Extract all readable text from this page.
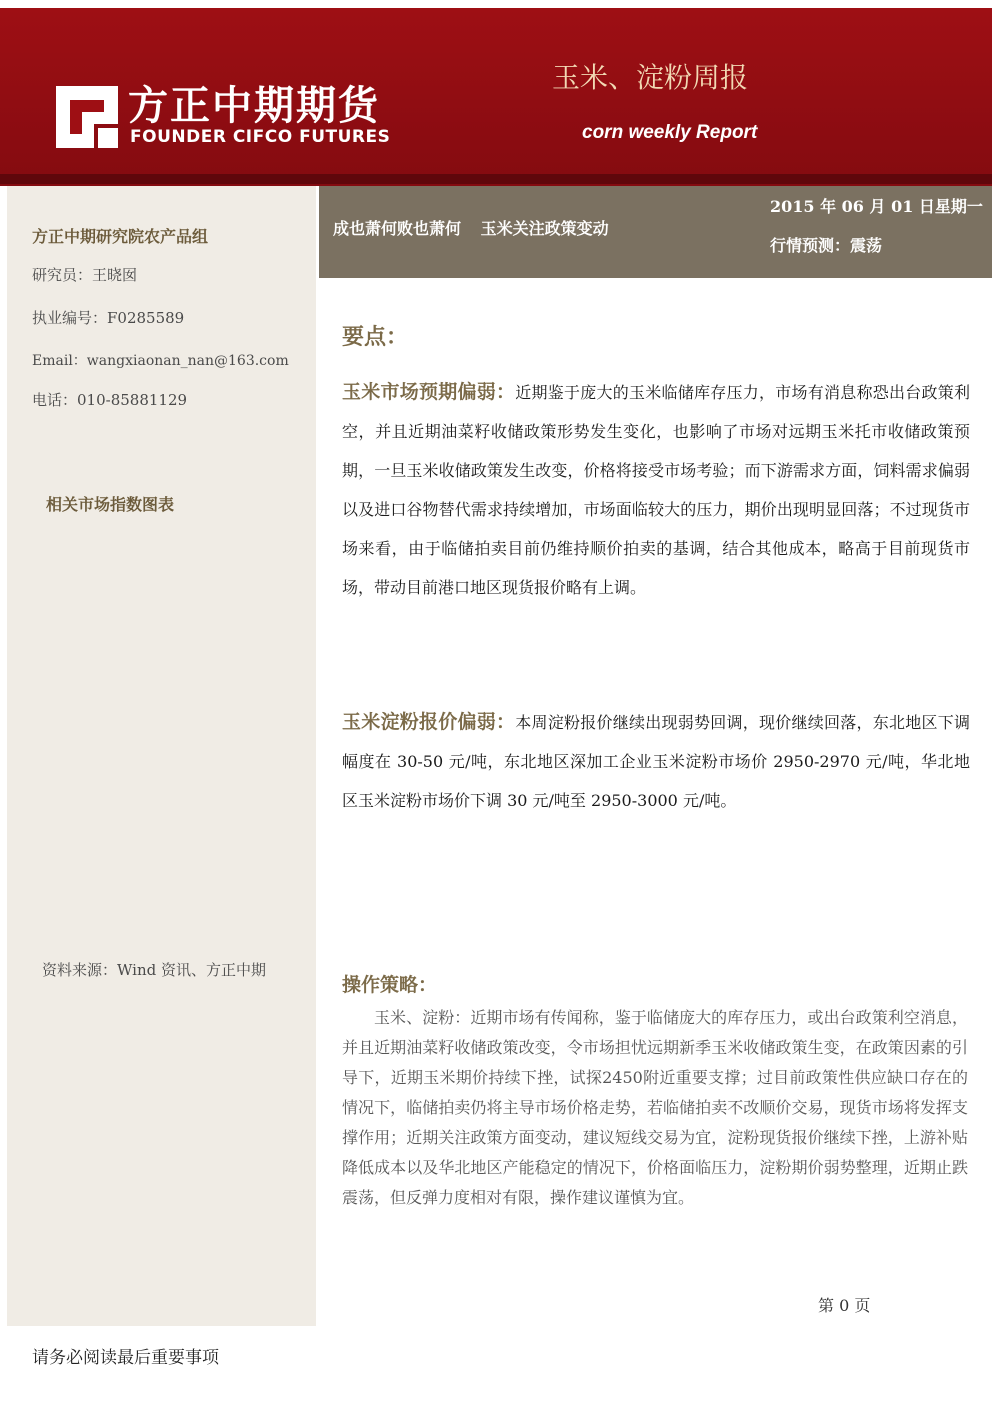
方正中期期货
FOUNDER CIFCO FUTURES
玉米、淀粉周报
corn weekly Report
方正中期研究院农产品组
研究员：王晓囡
执业编号：F0285589
Email：wangxiaonan_nan@163.com
电话：010-85881129
相关市场指数图表
资料来源：Wind 资讯、方正中期
成也萧何败也萧何 玉米关注政策变动
2015 年 06 月 01 日星期一
行情预测：震荡
要点：
玉米市场预期偏弱：近期鉴于庞大的玉米临储库存压力，市场有消息称恐出台政策利空，并且近期油菜籽收储政策形势发生变化，也影响了市场对远期玉米托市收储政策预期，一旦玉米收储政策发生改变，价格将接受市场考验；而下游需求方面，饲料需求偏弱以及进口谷物替代需求持续增加，市场面临较大的压力，期价出现明显回落；不过现货市场来看，由于临储拍卖目前仍维持顺价拍卖的基调，结合其他成本，略高于目前现货市场，带动目前港口地区现货报价略有上调。
玉米淀粉报价偏弱：本周淀粉报价继续出现弱势回调，现价继续回落，东北地区下调幅度在 30-50 元/吨，东北地区深加工企业玉米淀粉市场价 2950-2970 元/吨，华北地区玉米淀粉市场价下调 30 元/吨至 2950-3000 元/吨。
操作策略：
玉米、淀粉：近期市场有传闻称，鉴于临储庞大的库存压力，或出台政策利空消息，并且近期油菜籽收储政策改变，令市场担忧远期新季玉米收储政策生变，在政策因素的引导下，近期玉米期价持续下挫，试探2450附近重要支撑；过目前政策性供应缺口存在的情况下，临储拍卖仍将主导市场价格走势，若临储拍卖不改顺价交易，现货市场将发挥支撑作用；近期关注政策方面变动，建议短线交易为宜，淀粉现货报价继续下挫，上游补贴降低成本以及华北地区产能稳定的情况下，价格面临压力，淀粉期价弱势整理，近期止跌震荡，但反弹力度相对有限，操作建议谨慎为宜。
第 0 页
请务必阅读最后重要事项
